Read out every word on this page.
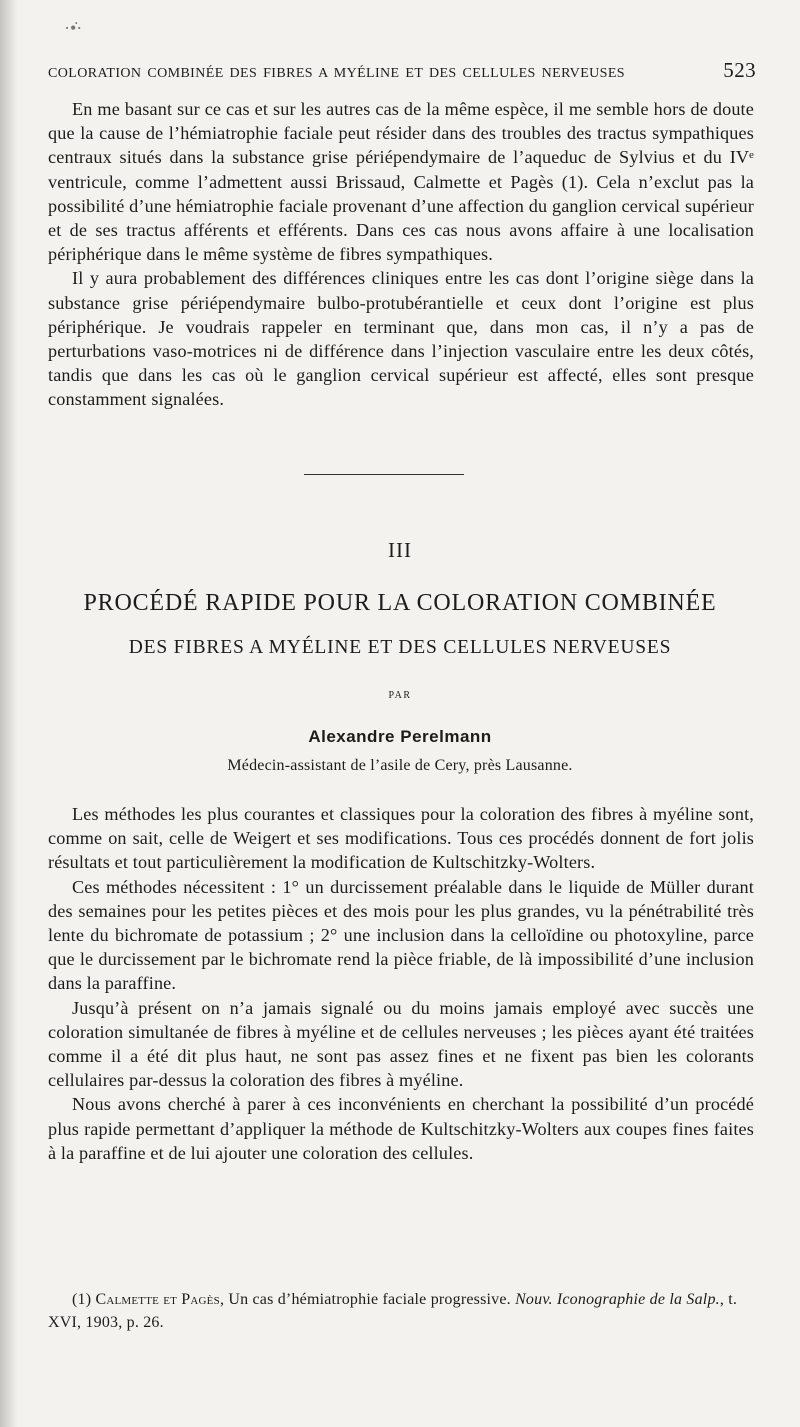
·•̇·
COLORATION COMBINÉE DES FIBRES A MYÉLINE ET DES CELLULES NERVEUSES	523

En me basant sur ce cas et sur les autres cas de la même espèce, il me semble hors de doute que la cause de l’hémiatrophie faciale peut résider dans des troubles des tractus sympathiques centraux situés dans la substance grise périépendymaire de l’aqueduc de Sylvius et du IVᵉ ventricule, comme l’admettent aussi Brissaud, Calmette et Pagès (1). Cela n’exclut pas la possibilité d’une hémiatrophie faciale provenant d’une affection du ganglion cervical supérieur et de ses tractus afférents et efférents. Dans ces cas nous avons affaire à une localisation périphérique dans le même système de fibres sympathiques.

Il y aura probablement des différences cliniques entre les cas dont l’origine siège dans la substance grise périépendymaire bulbo-protubérantielle et ceux dont l’origine est plus périphérique. Je voudrais rappeler en terminant que, dans mon cas, il n’y a pas de perturbations vaso-motrices ni de différence dans l’injection vasculaire entre les deux côtés, tandis que dans les cas où le ganglion cervical supérieur est affecté, elles sont presque constamment signalées.

III
PROCÉDÉ RAPIDE POUR LA COLORATION COMBINÉE
DES FIBRES A MYÉLINE ET DES CELLULES NERVEUSES
PAR
Alexandre Perelmann
Médecin-assistant de l’asile de Cery, près Lausanne.

Les méthodes les plus courantes et classiques pour la coloration des fibres à myéline sont, comme on sait, celle de Weigert et ses modifications. Tous ces procédés donnent de fort jolis résultats et tout particulièrement la modification de Kultschitzky-Wolters.

Ces méthodes nécessitent : 1° un durcissement préalable dans le liquide de Müller durant des semaines pour les petites pièces et des mois pour les plus grandes, vu la pénétrabilité très lente du bichromate de potassium ; 2° une inclusion dans la celloïdine ou photoxyline, parce que le durcissement par le bichromate rend la pièce friable, de là impossibilité d’une inclusion dans la paraffine.

Jusqu’à présent on n’a jamais signalé ou du moins jamais employé avec succès une coloration simultanée de fibres à myéline et de cellules nerveuses ; les pièces ayant été traitées comme il a été dit plus haut, ne sont pas assez fines et ne fixent pas bien les colorants cellulaires par-dessus la coloration des fibres à myéline.

Nous avons cherché à parer à ces inconvénients en cherchant la possibilité d’un procédé plus rapide permettant d’appliquer la méthode de Kultschitzky-Wolters aux coupes fines faites à la paraffine et de lui ajouter une coloration des cellules.

(1) Calmette et Pagès, Un cas d’hémiatrophie faciale progressive. Nouv. Iconographie de la Salp., t. XVI, 1903, p. 26.
